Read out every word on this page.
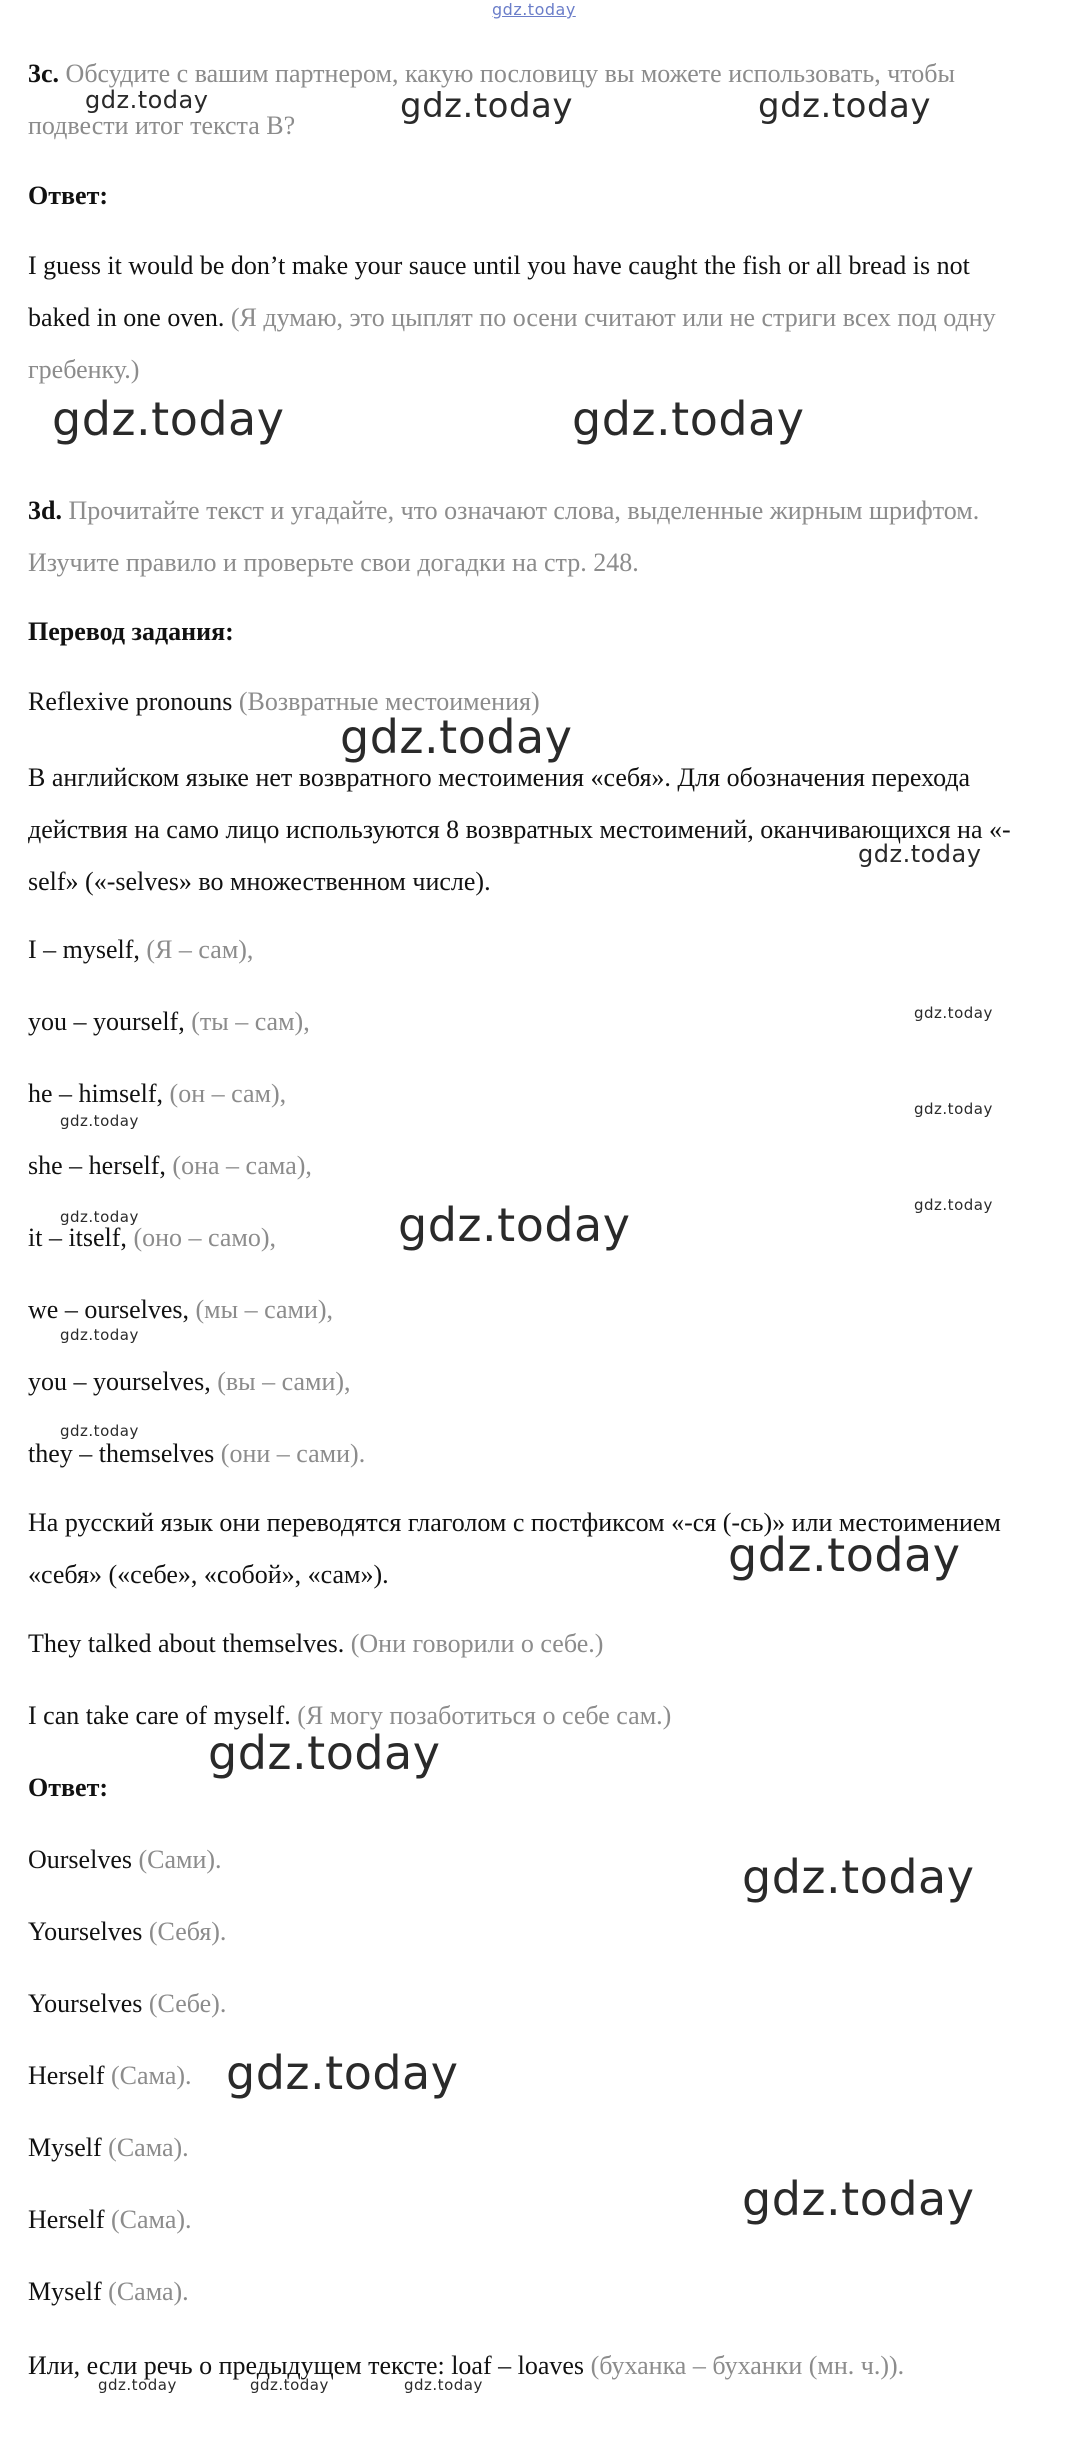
gdz.today
3c. Обсудите с вашим партнером, какую пословицу вы можете использовать, чтобы подвести итог текста B?
Ответ:
I guess it would be don’t make your sauce until you have caught the fish or all bread is not baked in one oven. (Я думаю, это цыплят по осени считают или не стриги всех под одну гребенку.)
3d. Прочитайте текст и угадайте, что означают слова, выделенные жирным шрифтом. Изучите правило и проверьте свои догадки на стр. 248.
Перевод задания:
Reflexive pronouns (Возвратные местоимения)
В английском языке нет возвратного местоимения «себя». Для обозначения перехода действия на само лицо используются 8 возвратных местоимений, оканчивающихся на «-self» («-selves» во множественном числе).
I – myself, (Я – сам),
you – yourself, (ты – сам),
he – himself, (он – сам),
she – herself, (она – сама),
it – itself, (оно – само),
we – ourselves, (мы – сами),
you – yourselves, (вы – сами),
they – themselves (они – сами).
На русский язык они переводятся глаголом с постфиксом «-ся (-сь)» или местоимением «себя» («себе», «собой», «сам»).
They talked about themselves. (Они говорили о себе.)
I can take care of myself. (Я могу позаботиться о себе сам.)
Ответ:
Ourselves (Сами).
Yourselves (Себя).
Yourselves (Себе).
Herself (Сама).
Myself (Сама).
Herself (Сама).
Myself (Сама).
Или, если речь о предыдущем тексте: loaf – loaves (буханка – буханки (мн. ч.)).
gdz.today	gdz.today	gdz.today
gdz.today	gdz.today
gdz.today
gdz.today
gdz.today
gdz.today
gdz.today
gdz.today
gdz.today
gdz.today
gdz.today
gdz.today
gdz.today
gdz.today
gdz.today
gdz.today
gdz.today
gdz.today	gdz.today	gdz.today
